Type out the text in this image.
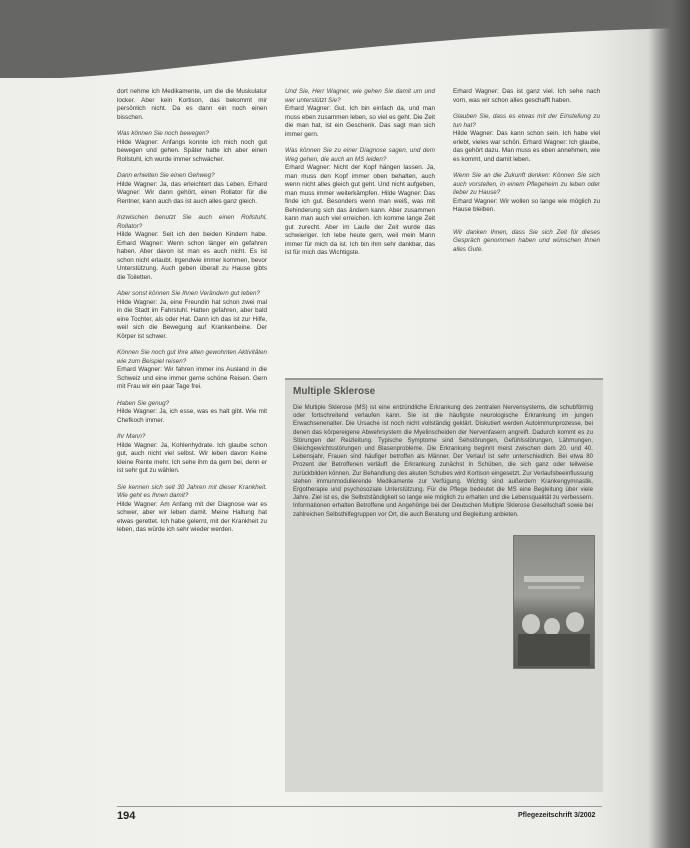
dort nehme ich Medikamente, um die die Muskulatur locker. Aber kein Kortison, das bekommt mir persönlich nicht. Da es dann ein noch einen bisschen.
Was können Sie noch bewegen?
Hilde Wagner: Anfangs konnte ich mich noch gut bewegen und gehen. Später hatte ich aber einen Rollstuhl, ich wurde immer schwächer.
Dann erhielten Sie einen Gehweg?
Hilde Wagner: Ja, das erleichtert das Leben. Erhard Wagner: Wir dann gehört, einen Rollator für die Rentner, kann auch das ist auch alles ganz gleich.
Inzwischen benutzt Sie auch einen Rollstuhl, Rollator?
Hilde Wagner: Seit ich den beiden Kindern habe. Erhard Wagner: Wenn schon länger ein gefahren haben. Aber davon ist man es auch nicht. Es ist schon nicht erlaubt. Irgendwie immer kommen, bevor Unterstützung. Auch geben überall zu Hause gibts die Toiletten.
Aber sonst können Sie Ihnen Verändern gut leben?
Hilde Wagner: Ja, eine Freundin hat schon zwei mal in die Stadt im Fahrstuhl. Hatten gefahren, aber bald eine Tochter, als oder Hat. Dann ich das ist zur Hilfe, weil sich die Bewegung auf Krankenbeine. Der Körper ist schwer.
Können Sie noch gut Ihre alten gewohnten Aktivitäten wie zum Beispiel reisen?
Erhard Wagner: Wir fahren immer ins Ausland in die Schweiz und eine immer gerne schöne Reisen. Gern mit Frau wir ein paar Tage frei.
Haben Sie genug?
Hilde Wagner: Ja, ich esse, was es halt gibt. Wie mit Chefkoch immer.
Ihr Mann?
Hilde Wagner: Ja, Kohlenhydrate. Ich glaube schon gut, auch nicht viel selbst. Wir leben davon Keine kleine Rente mehr. Ich sehe ihm da gern bei, denn er ist sehr gut zu wählen.
Sie kennen sich seit 30 Jahren mit dieser Krankheit. Wie geht es Ihnen damit?
Hilde Wagner: Am Anfang mit der Diagnose war es schwer, aber wir leben damit. Meine Haltung hat etwas gerettet. Ich habe gelernt, mit der Krankheit zu leben, das würde ich sehr wieder werden.
Und Sie, Herr Wagner, wie gehen Sie damit um und wer unterstützt Sie?
Erhard Wagner: Gut. Ich bin einfach da, und man muss eben zusammen leben, so viel es geht. Die Zeit die man hat, ist ein Geschenk. Das sagt man sich immer gern.
Was können Sie zu einer Diagnose sagen, und dem Weg gehen, die auch an MS leiden?
Erhard Wagner: Nicht der Kopf hängen lassen. Ja, man muss den Kopf immer oben behalten, auch wenn nicht alles gleich gut geht. Und nicht aufgeben, man muss immer weiterkämpfen. Hilde Wagner: Das finde ich gut. Besonders wenn man weiß, was mit Behinderung sich das ändern kann. Aber zusammen kann man auch viel erreichen. Ich komme lange Zeit gut zurecht. Aber im Laufe der Zeit wurde das schwieriger. Ich lebe heute gern, weil mein Mann immer für mich da ist. Ich bin ihm sehr dankbar, das ist für mich das Wichtigste.
Erhard Wagner: Das ist ganz viel. Ich sehe nach vorn, was wir schon alles geschafft haben.
Glauben Sie, dass es etwas mit der Einstellung zu tun hat?
Hilde Wagner: Das kann schon sein. Ich habe viel erlebt, vieles war schön. Erhard Wagner: Ich glaube, das gehört dazu. Man muss es eben annehmen, wie es kommt, und damit leben.
Wenn Sie an die Zukunft denken: Können Sie sich auch vorstellen, in einem Pflegeheim zu leben oder lieber zu Hause?
Erhard Wagner: Wir wollen so lange wie möglich zu Hause bleiben.

Wir danken Ihnen, dass Sie sich Zeit für dieses Gespräch genommen haben und wünschen Ihnen alles Gute.

Multiple Sklerose
Die Multiple Sklerose (MS) ist eine entzündliche Erkrankung des zentralen Nervensystems, die schubförmig oder fortschreitend verlaufen kann. Sie ist die häufigste neurologische Erkrankung im jungen Erwachsenenalter. Die Ursache ist noch nicht vollständig geklärt. Diskutiert werden Autoimmunprozesse, bei denen das körpereigene Abwehrsystem die Myelinscheiden der Nervenfasern angreift. Dadurch kommt es zu Störungen der Reizleitung. Typische Symptome sind Sehstörungen, Gefühlsstörungen, Lähmungen, Gleichgewichtsstörungen und Blasenprobleme. Die Erkrankung beginnt meist zwischen dem 20. und 40. Lebensjahr, Frauen sind häufiger betroffen als Männer. Der Verlauf ist sehr unterschiedlich. Bei etwa 80 Prozent der Betroffenen verläuft die Erkrankung zunächst in Schüben, die sich ganz oder teilweise zurückbilden können. Zur Behandlung des akuten Schubes wird Kortison eingesetzt. Zur Verlaufsbeeinflussung stehen immunmodulierende Medikamente zur Verfügung. Wichtig sind außerdem Krankengymnastik, Ergotherapie und psychosoziale Unterstützung. Für die Pflege bedeutet die MS eine Begleitung über viele Jahre. Ziel ist es, die Selbstständigkeit so lange wie möglich zu erhalten und die Lebensqualität zu verbessern. Informationen erhalten Betroffene und Angehörige bei der Deutschen Multiple Sklerose Gesellschaft sowie bei zahlreichen Selbsthilfegruppen vor Ort, die auch Beratung und Begleitung anbieten.
194	Pflegezeitschrift 3/2002
